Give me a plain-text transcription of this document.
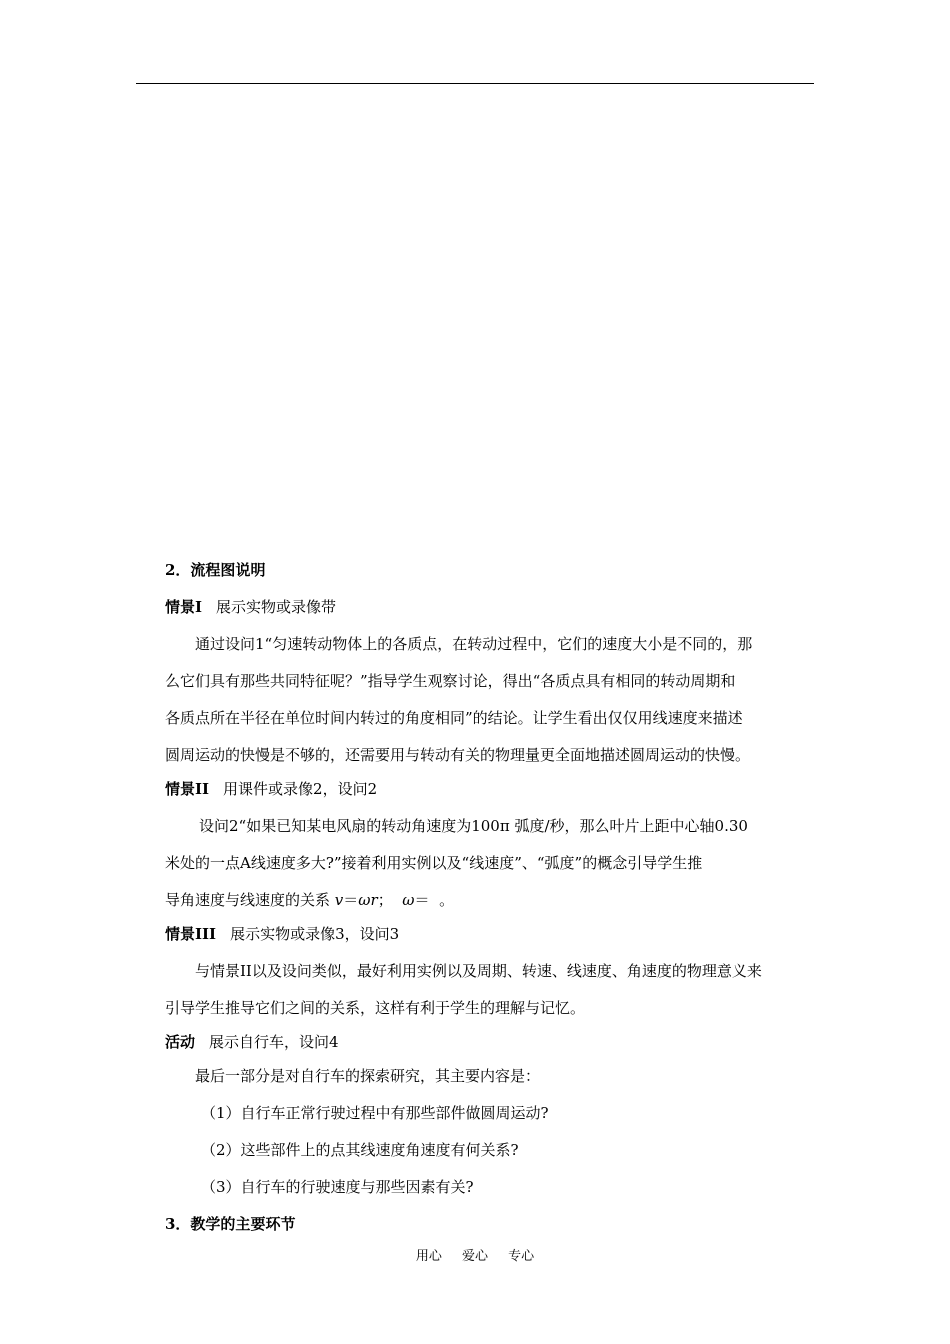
2．流程图说明
情景Ⅰ 展示实物或录像带
通过设问1“匀速转动物体上的各质点，在转动过程中，它们的速度大小是不同的，那
么它们具有那些共同特征呢？”指导学生观察讨论，得出“各质点具有相同的转动周期和
各质点所在半径在单位时间内转过的角度相同”的结论。让学生看出仅仅用线速度来描述
圆周运动的快慢是不够的，还需要用与转动有关的物理量更全面地描述圆周运动的快慢。
情景II 用课件或录像2，设问2
设问2“如果已知某电风扇的转动角速度为100π 弧度/秒，那么叶片上距中心轴0.30
米处的一点A线速度多大?”接着利用实例以及“线速度”、“弧度”的概念引导学生推
导角速度与线速度的关系 v＝ωr； ω＝ 。
情景III 展示实物或录像3，设问3
与情景II以及设问类似，最好利用实例以及周期、转速、线速度、角速度的物理意义来
引导学生推导它们之间的关系，这样有利于学生的理解与记忆。
活动 展示自行车，设问4
最后一部分是对自行车的探索研究，其主要内容是：
（1）自行车正常行驶过程中有那些部件做圆周运动?
（2）这些部件上的点其线速度角速度有何关系?
（3）自行车的行驶速度与那些因素有关?
3．教学的主要环节
用心 爱心 专心
